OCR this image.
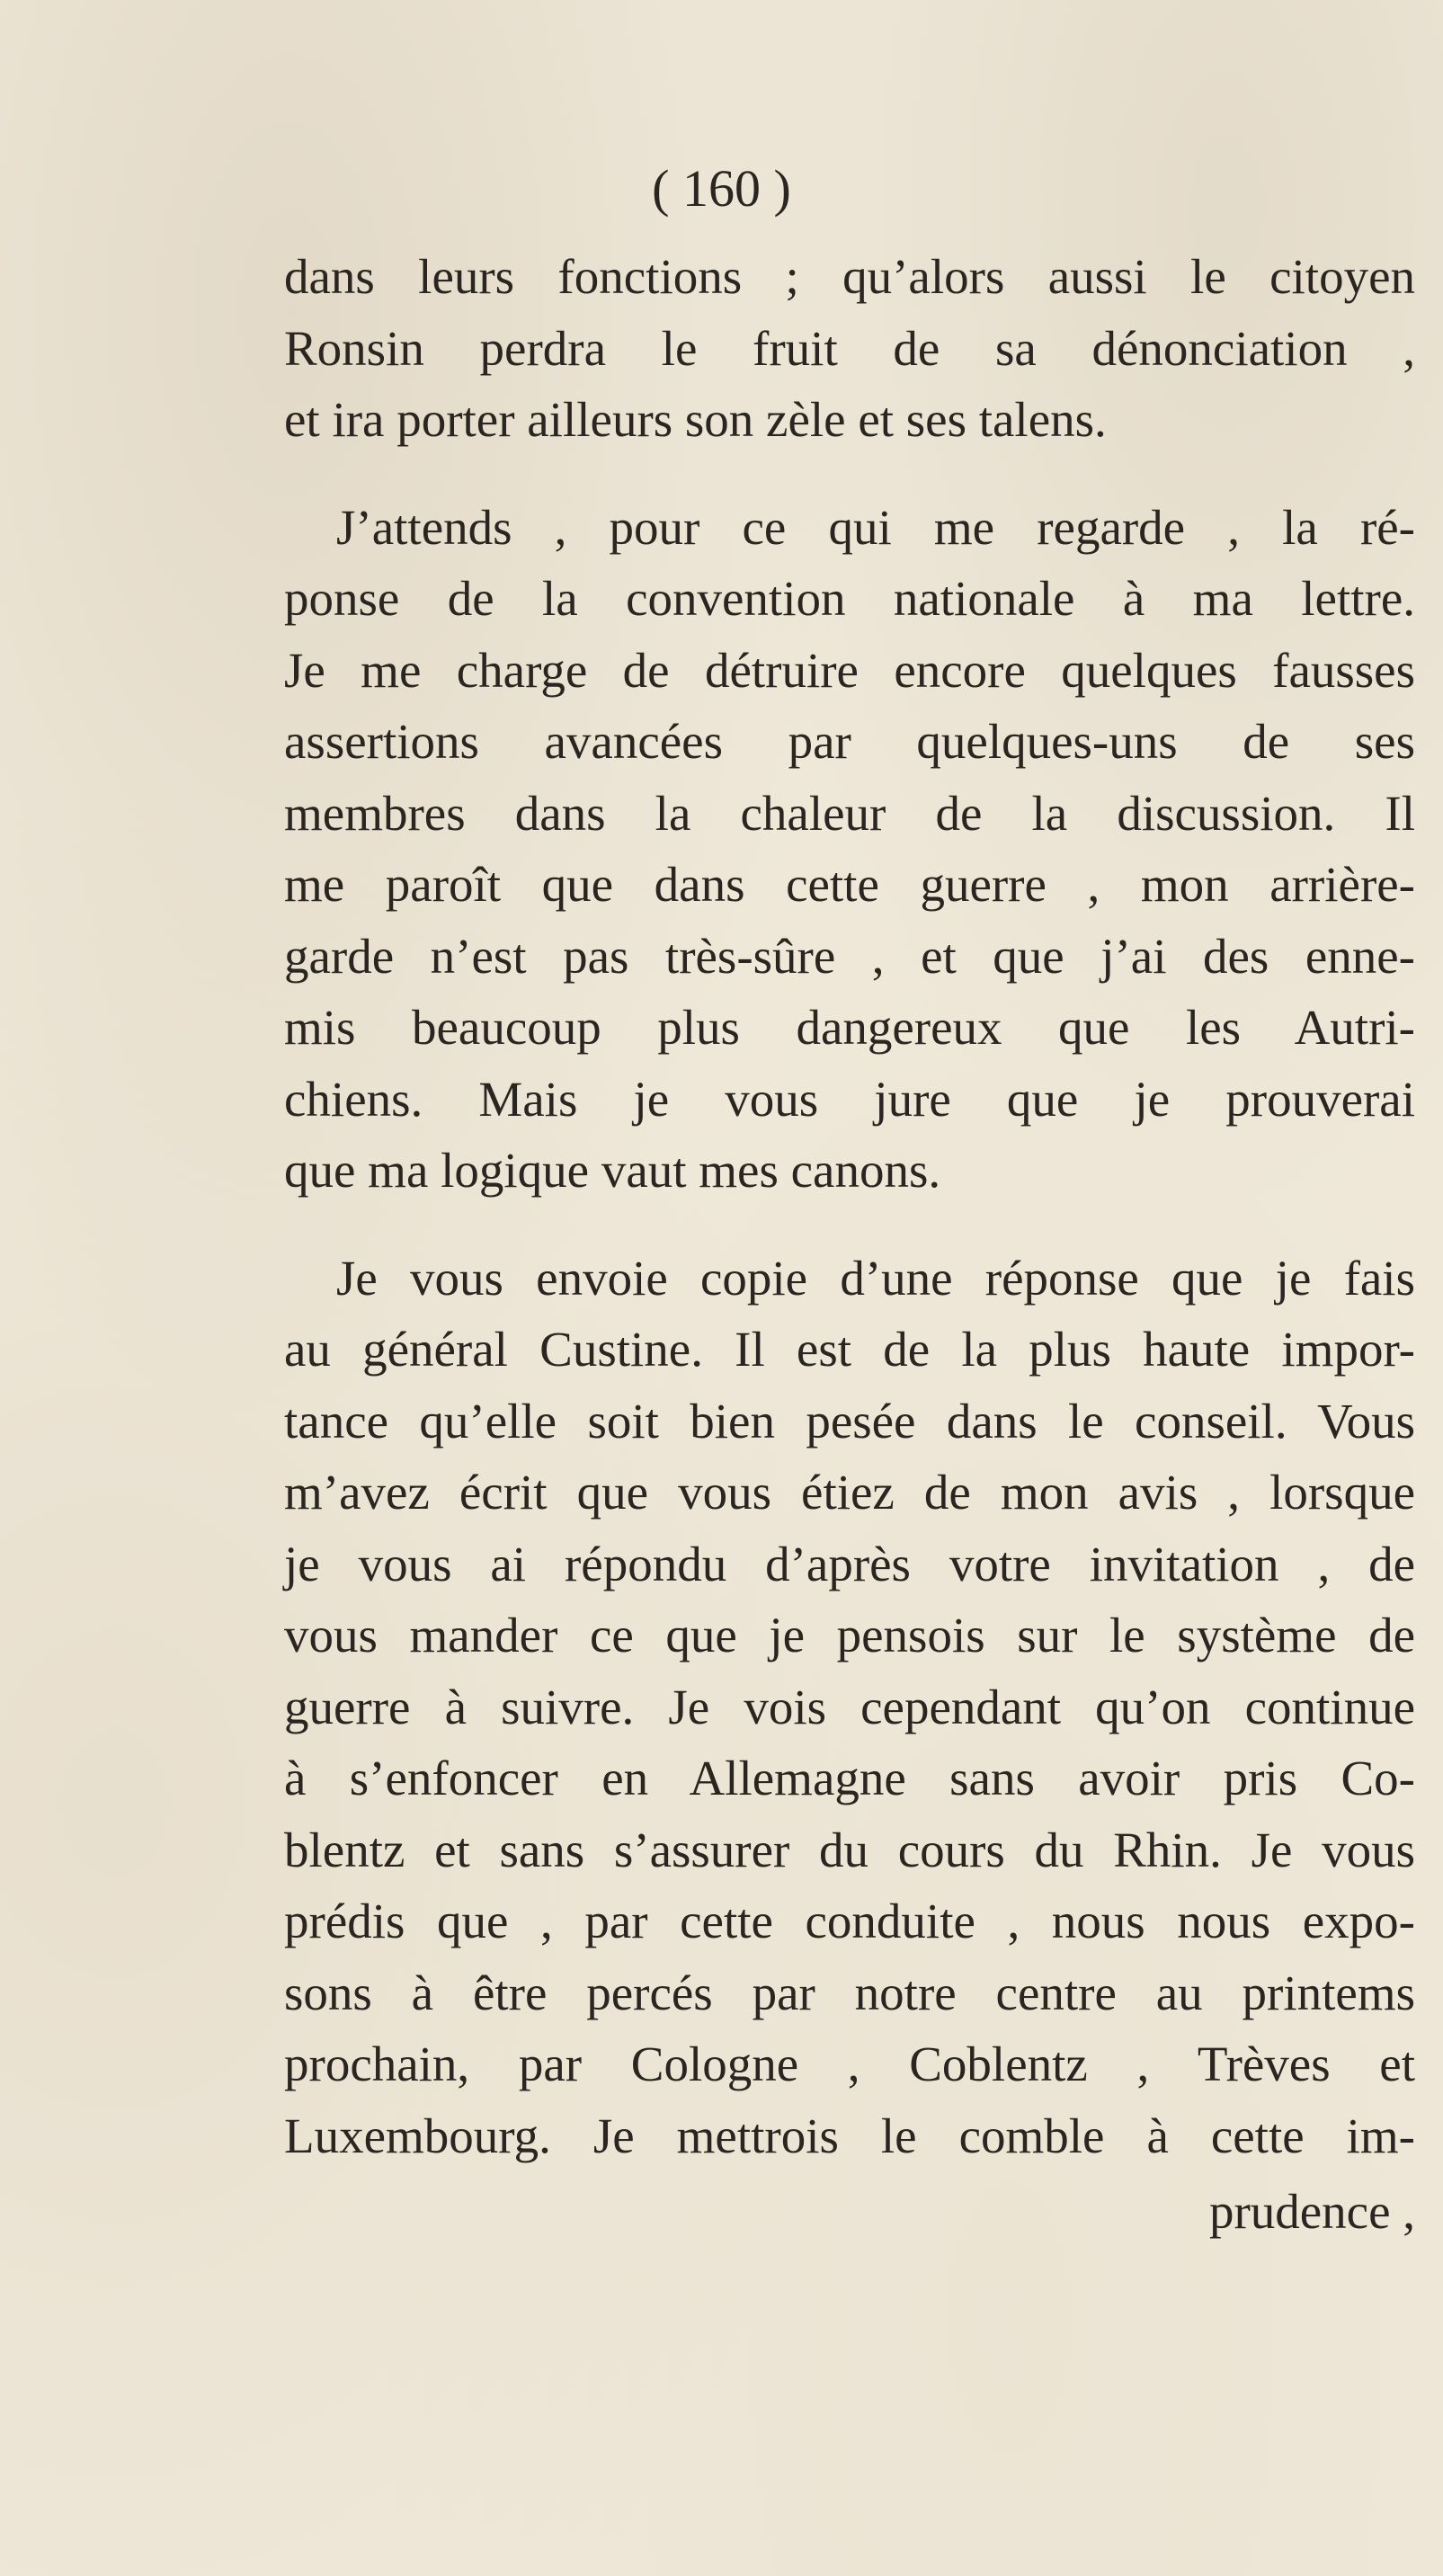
( 160 )
dans leurs fonctions ; qu’alors aussi le citoyen
Ronsin perdra le fruit de sa dénonciation ,
et ira porter ailleurs son zèle et ses talens.
J’attends , pour ce qui me regarde , la ré-
ponse de la convention nationale à ma lettre.
Je me charge de détruire encore quelques fausses
assertions avancées par quelques-uns de ses
membres dans la chaleur de la discussion. Il
me paroît que dans cette guerre , mon arrière-
garde n’est pas très-sûre , et que j’ai des enne-
mis beaucoup plus dangereux que les Autri-
chiens. Mais je vous jure que je prouverai
que ma logique vaut mes canons.
Je vous envoie copie d’une réponse que je fais
au général Custine. Il est de la plus haute impor-
tance qu’elle soit bien pesée dans le conseil. Vous
m’avez écrit que vous étiez de mon avis , lorsque
je vous ai répondu d’après votre invitation , de
vous mander ce que je pensois sur le système de
guerre à suivre. Je vois cependant qu’on continue
à s’enfoncer en Allemagne sans avoir pris Co-
blentz et sans s’assurer du cours du Rhin. Je vous
prédis que , par cette conduite , nous nous expo-
sons à être percés par notre centre au printems
prochain, par Cologne , Coblentz , Trèves et
Luxembourg. Je mettrois le comble à cette im-
prudence ,
